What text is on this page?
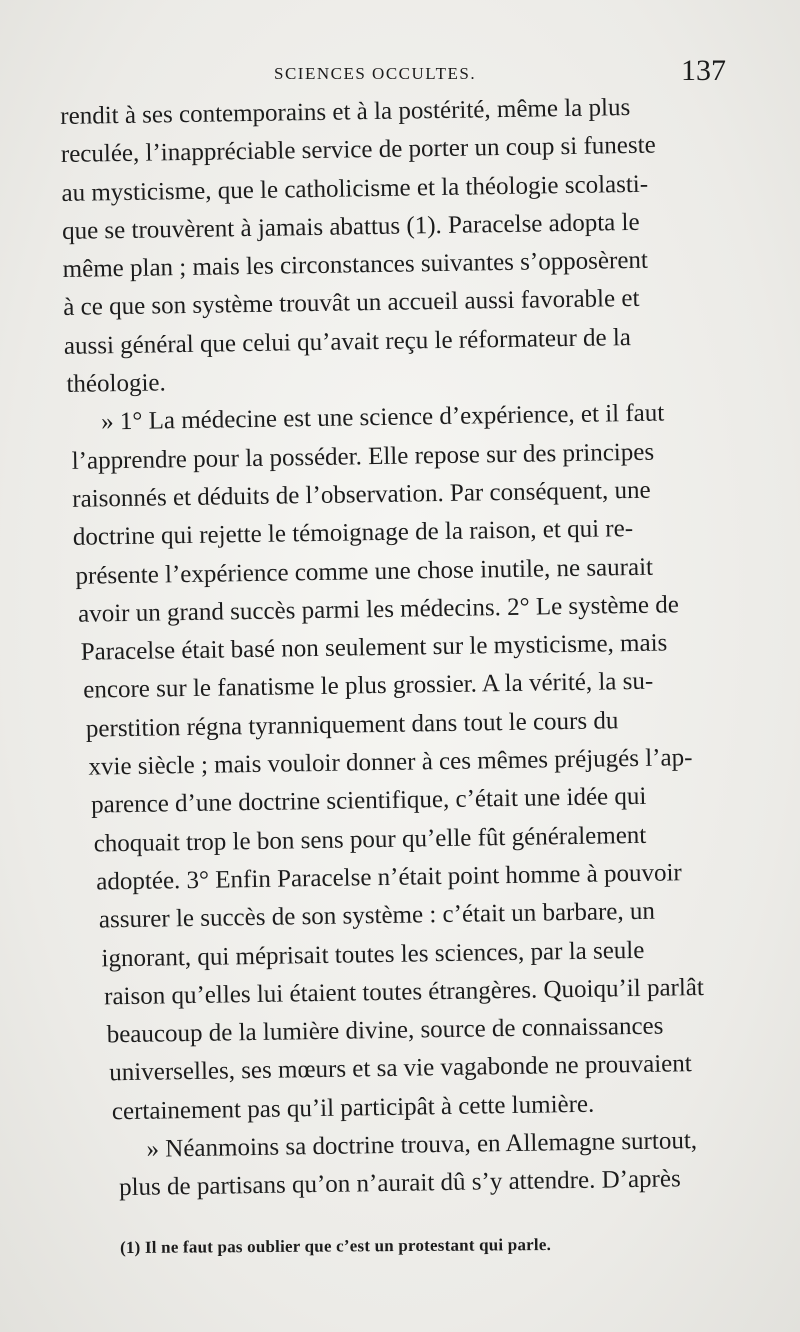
SCIENCES OCCULTES.	137
rendit à ses contemporains et à la postérité, même la plus
reculée, l’inappréciable service de porter un coup si funeste
au mysticisme, que le catholicisme et la théologie scolasti-
que se trouvèrent à jamais abattus (1). Paracelse adopta le
même plan ; mais les circonstances suivantes s’opposèrent
à ce que son système trouvât un accueil aussi favorable et
aussi général que celui qu’avait reçu le réformateur de la
théologie.
» 1° La médecine est une science d’expérience, et il faut
l’apprendre pour la posséder. Elle repose sur des principes
raisonnés et déduits de l’observation. Par conséquent, une
doctrine qui rejette le témoignage de la raison, et qui re-
présente l’expérience comme une chose inutile, ne saurait
avoir un grand succès parmi les médecins. 2° Le système de
Paracelse était basé non seulement sur le mysticisme, mais
encore sur le fanatisme le plus grossier. A la vérité, la su-
perstition régna tyranniquement dans tout le cours du
xvie siècle ; mais vouloir donner à ces mêmes préjugés l’ap-
parence d’une doctrine scientifique, c’était une idée qui
choquait trop le bon sens pour qu’elle fût généralement
adoptée. 3° Enfin Paracelse n’était point homme à pouvoir
assurer le succès de son système : c’était un barbare, un
ignorant, qui méprisait toutes les sciences, par la seule
raison qu’elles lui étaient toutes étrangères. Quoiqu’il parlât
beaucoup de la lumière divine, source de connaissances
universelles, ses mœurs et sa vie vagabonde ne prouvaient
certainement pas qu’il participât à cette lumière.
» Néanmoins sa doctrine trouva, en Allemagne surtout,
plus de partisans qu’on n’aurait dû s’y attendre. D’après
(1) Il ne faut pas oublier que c’est un protestant qui parle.
